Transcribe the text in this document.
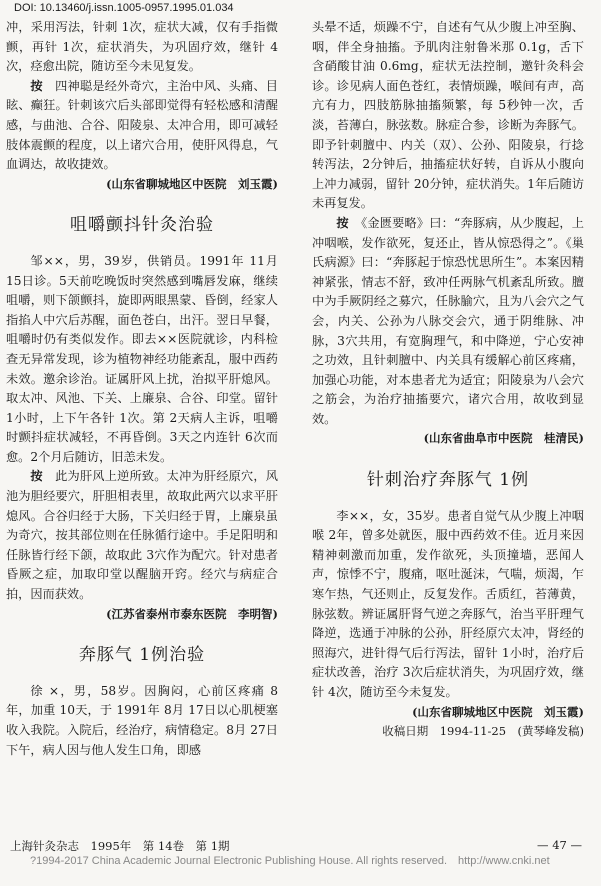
DOI: 10.13460/j.issn.1005-0957.1995.01.034

冲，采用泻法，针刺 1次，症状大减，仅有手指微颤，再针 1次，症状消失，为巩固疗效，继针 4次，痉愈出院，随访至今未见复发。

按　 四神聪是经外奇穴，主治中风、头痛、目眩、癫狂。针刺该穴后头部即觉得有轻松感和清醒感，与曲池、合谷、阳陵泉、太冲合用，即可减轻肢体震颤的程度，以上诸穴合用，使肝风得息，气血调达，故收捷效。

(山东省聊城地区中医院　刘玉霞)

咀嚼颤抖针灸治验

邹××，男，39岁，供销员。1991年 11月 15日诊。5天前吃晚饭时突然感到嘴唇发麻，继续咀嚼，则下颌颤抖，旋即两眼黑蒙、昏倒，经家人指掐人中穴后苏醒，面色苍白，出汗。翌日早餐，咀嚼时仍有类似发作。即去××医院就诊，内科检查无异常发现，诊为植物神经功能紊乱，服中西药未效。邀余诊治。证属肝风上扰，治拟平肝熄风。取太冲、风池、下关、上廉泉、合谷、印堂。留针 1小时，上下午各针 1次。第 2天病人主诉，咀嚼时颤抖症状减轻，不再昏倒。3天之内连针 6次而愈。2个月后随访，旧恙未发。

按　 此为肝风上逆所致。太冲为肝经原穴，风池为胆经要穴，肝胆相表里，故取此两穴以求平肝熄风。合谷归经于大肠，下关归经于胃，上廉泉虽为奇穴，按其部位则在任脉循行途中。手足阳明和任脉皆行经下颌，故取此 3穴作为配穴。针对患者昏厥之症，加取印堂以醒脑开窍。经穴与病症合拍，因而获效。

(江苏省泰州市泰东医院　李明智)

奔豚气 1例治验

徐 ×，男，58岁。因胸闷，心前区疼痛 8年，加重 10天，于 1991年 8月 17日以心肌梗塞收入我院。入院后，经治疗，病情稳定。8月 27日下午，病人因与他人发生口角，即感

头晕不适，烦躁不宁，自述有气从少腹上冲至胸、咽，伴全身抽搐。予肌肉注射鲁米那 0.1g，舌下含硝酸甘油 0.6mg，症状无法控制，邀针灸科会诊。诊见病人面色苍红，表情烦躁，喉间有声，高亢有力，四肢筋脉抽搐频繁，每 5秒钟一次，舌淡，苔薄白，脉弦数。脉症合参，诊断为奔豚气。即予针刺膻中、内关（双）、公孙、阳陵泉，行捻转泻法，2分钟后，抽搐症状好转，自诉从小腹向上冲力减弱，留针 20分钟，症状消失。1年后随访未再复发。

按　 《金匮要略》曰：“奔豚病，从少腹起，上冲咽喉，发作欲死，复还止，皆从惊恐得之”。《巢氏病源》曰：“奔豚起于惊恐忧思所生”。本案因精神紧张，情志不舒，致冲任两脉气机紊乱所致。膻中为手厥阴经之募穴，任脉腧穴，且为八会穴之气会，内关、公孙为八脉交会穴，通于阴维脉、冲脉，3穴共用，有宽胸理气，和中降逆，宁心安神之功效，且针刺膻中、内关具有缓解心前区疼痛，加强心功能，对本患者尤为适宜；阳陵泉为八会穴之筋会，为治疗抽搐要穴，诸穴合用，故收到显效。

(山东省曲阜市中医院　桂清民)

针刺治疗奔豚气 1例

李××，女，35岁。患者自觉气从少腹上冲咽喉 2年，曾多处就医，服中西药效不佳。近月来因精神刺激而加重，发作欲死，头顶撞墙，恶闻人声，惊悸不宁，腹痛，呕吐涎沫，气喘，烦渴，乍寒乍热，气还则止，反复发作。舌质红，苔薄黄，脉弦数。辨证属肝肾气逆之奔豚气，治当平肝理气降逆，选通于冲脉的公孙，肝经原穴太冲，肾经的照海穴，进针得气后行泻法，留针 1小时，治疗后症状改善，治疗 3次后症状消失，为巩固疗效，继针 4次，随访至今未复发。

(山东省聊城地区中医院　刘玉霞)

收稿日期　1994-11-25　(黄琴峰发稿)

上海针灸杂志　1995年　第 14卷　第 1期	— 47 —
?1994-2017 China Academic Journal Electronic Publishing House. All rights reserved.　http://www.cnki.net
